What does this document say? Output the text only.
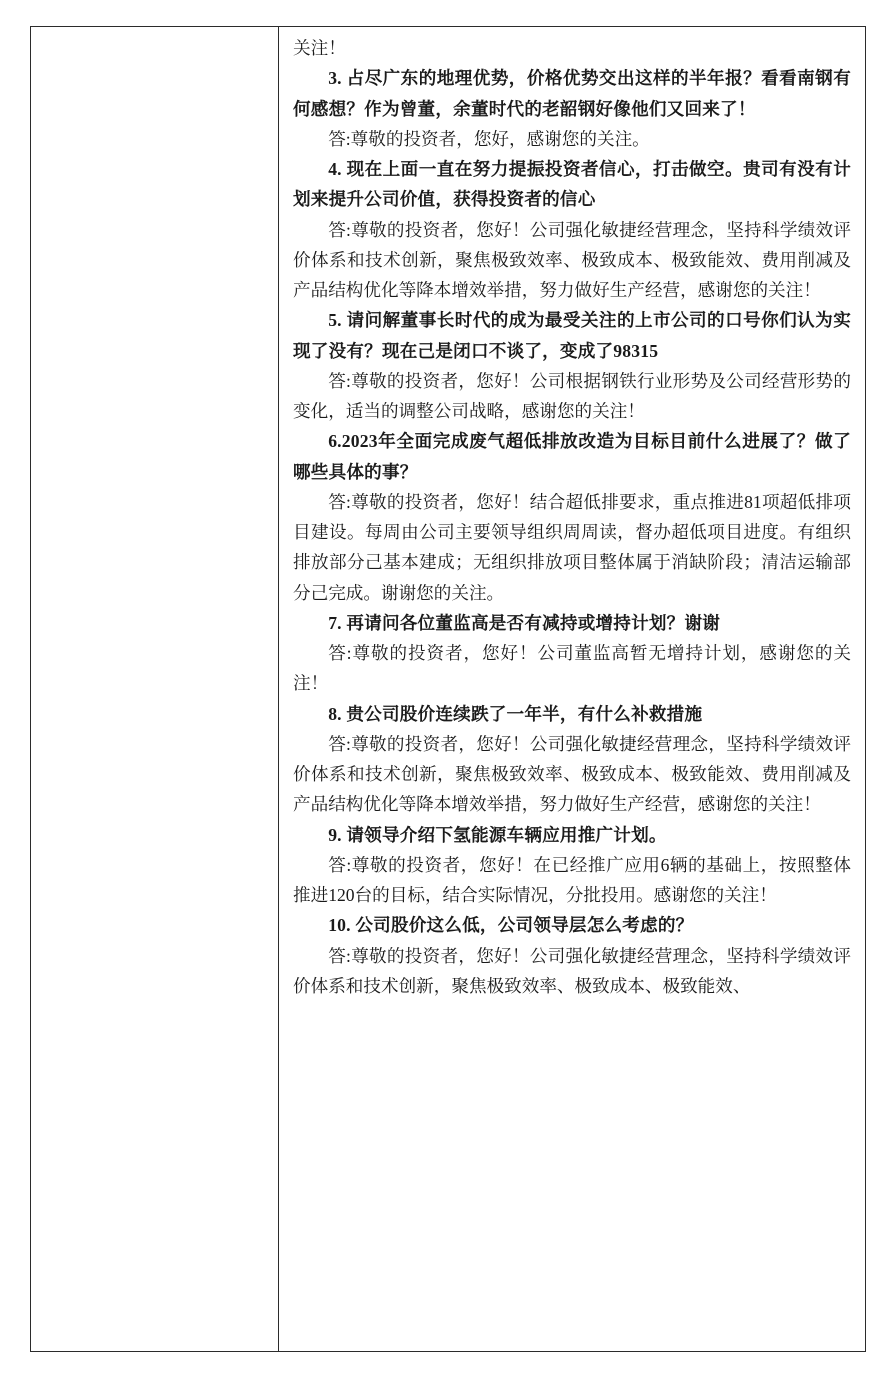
关注！

3. 占尽广东的地理优势，价格优势交出这样的半年报？看看南钢有何感想？作为曾董，余董时代的老韶钢好像他们又回来了！

答:尊敬的投资者，您好，感谢您的关注。

4. 现在上面一直在努力提振投资者信心，打击做空。贵司有没有计划来提升公司价值，获得投资者的信心

答:尊敬的投资者，您好！公司强化敏捷经营理念，坚持科学绩效评价体系和技术创新，聚焦极致效率、极致成本、极致能效、费用削减及产品结构优化等降本增效举措，努力做好生产经营，感谢您的关注！

5. 请问解董事长时代的成为最受关注的上市公司的口号你们认为实现了没有？现在己是闭口不谈了，变成了98315

答:尊敬的投资者，您好！公司根据钢铁行业形势及公司经营形势的变化，适当的调整公司战略，感谢您的关注！

6.2023年全面完成废气超低排放改造为目标目前什么进展了？做了哪些具体的事？

答:尊敬的投资者，您好！结合超低排要求，重点推进81项超低排项目建设。每周由公司主要领导组织周周读，督办超低项目进度。有组织排放部分己基本建成；无组织排放项目整体属于消缺阶段；清洁运输部分己完成。谢谢您的关注。

7. 再请问各位董监高是否有减持或增持计划？谢谢

答:尊敬的投资者，您好！公司董监高暂无增持计划，感谢您的关注！

8. 贵公司股价连续跌了一年半，有什么补救措施

答:尊敬的投资者，您好！公司强化敏捷经营理念，坚持科学绩效评价体系和技术创新，聚焦极致效率、极致成本、极致能效、费用削减及产品结构优化等降本增效举措，努力做好生产经营，感谢您的关注！

9. 请领导介绍下氢能源车辆应用推广计划。

答:尊敬的投资者，您好！在已经推广应用6辆的基础上，按照整体推进120台的目标，结合实际情况，分批投用。感谢您的关注！

10. 公司股价这么低，公司领导层怎么考虑的？

答:尊敬的投资者，您好！公司强化敏捷经营理念，坚持科学绩效评价体系和技术创新，聚焦极致效率、极致成本、极致能效、
